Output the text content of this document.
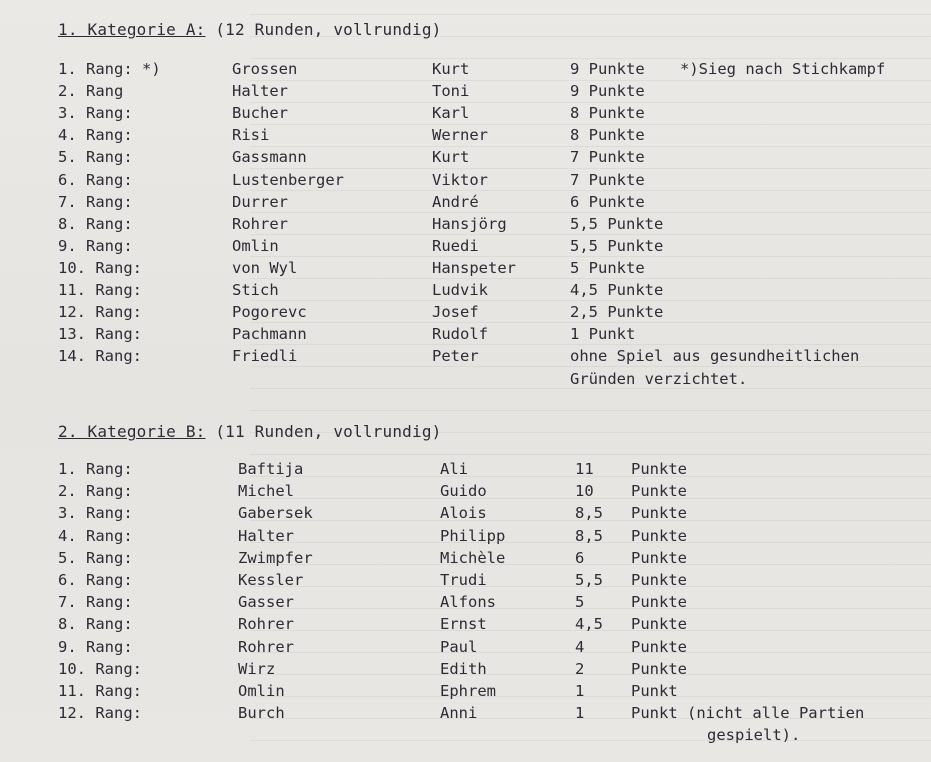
1. Kategorie A: (12 Runden, vollrundig)
1. Rang: *)	Grossen	Kurt	9 Punkte *)Sieg nach Stichkampf
2. Rang	Halter	Toni	9 Punkte
3. Rang:	Bucher	Karl	8 Punkte
4. Rang:	Risi	Werner	8 Punkte
5. Rang:	Gassmann	Kurt	7 Punkte
6. Rang:	Lustenberger	Viktor	7 Punkte
7. Rang:	Durrer	André	6 Punkte
8. Rang:	Rohrer	Hansjörg	5,5 Punkte
9. Rang:	Omlin	Ruedi	5,5 Punkte
10. Rang:	von Wyl	Hanspeter	5 Punkte
11. Rang:	Stich	Ludvik	4,5 Punkte
12. Rang:	Pogorevc	Josef	2,5 Punkte
13. Rang:	Pachmann	Rudolf	1 Punkt
14. Rang:	Friedli	Peter	ohne Spiel aus gesundheitlichen
Gründen verzichtet.
2. Kategorie B: (11 Runden, vollrundig)
1. Rang:	Baftija	Ali	11 Punkte
2. Rang:	Michel	Guido	10 Punkte
3. Rang:	Gabersek	Alois	8,5 Punkte
4. Rang:	Halter	Philipp	8,5 Punkte
5. Rang:	Zwimpfer	Michèle	6	Punkte
6. Rang:	Kessler	Trudi	5,5 Punkte
7. Rang:	Gasser	Alfons	5	Punkte
8. Rang:	Rohrer	Ernst	4,5 Punkte
9. Rang:	Rohrer	Paul	4	Punkte
10. Rang:	Wirz	Edith	2	Punkte
11. Rang:	Omlin	Ephrem	1	Punkt
12. Rang:	Burch	Anni	1	Punkt (nicht alle Partien
gespielt).
